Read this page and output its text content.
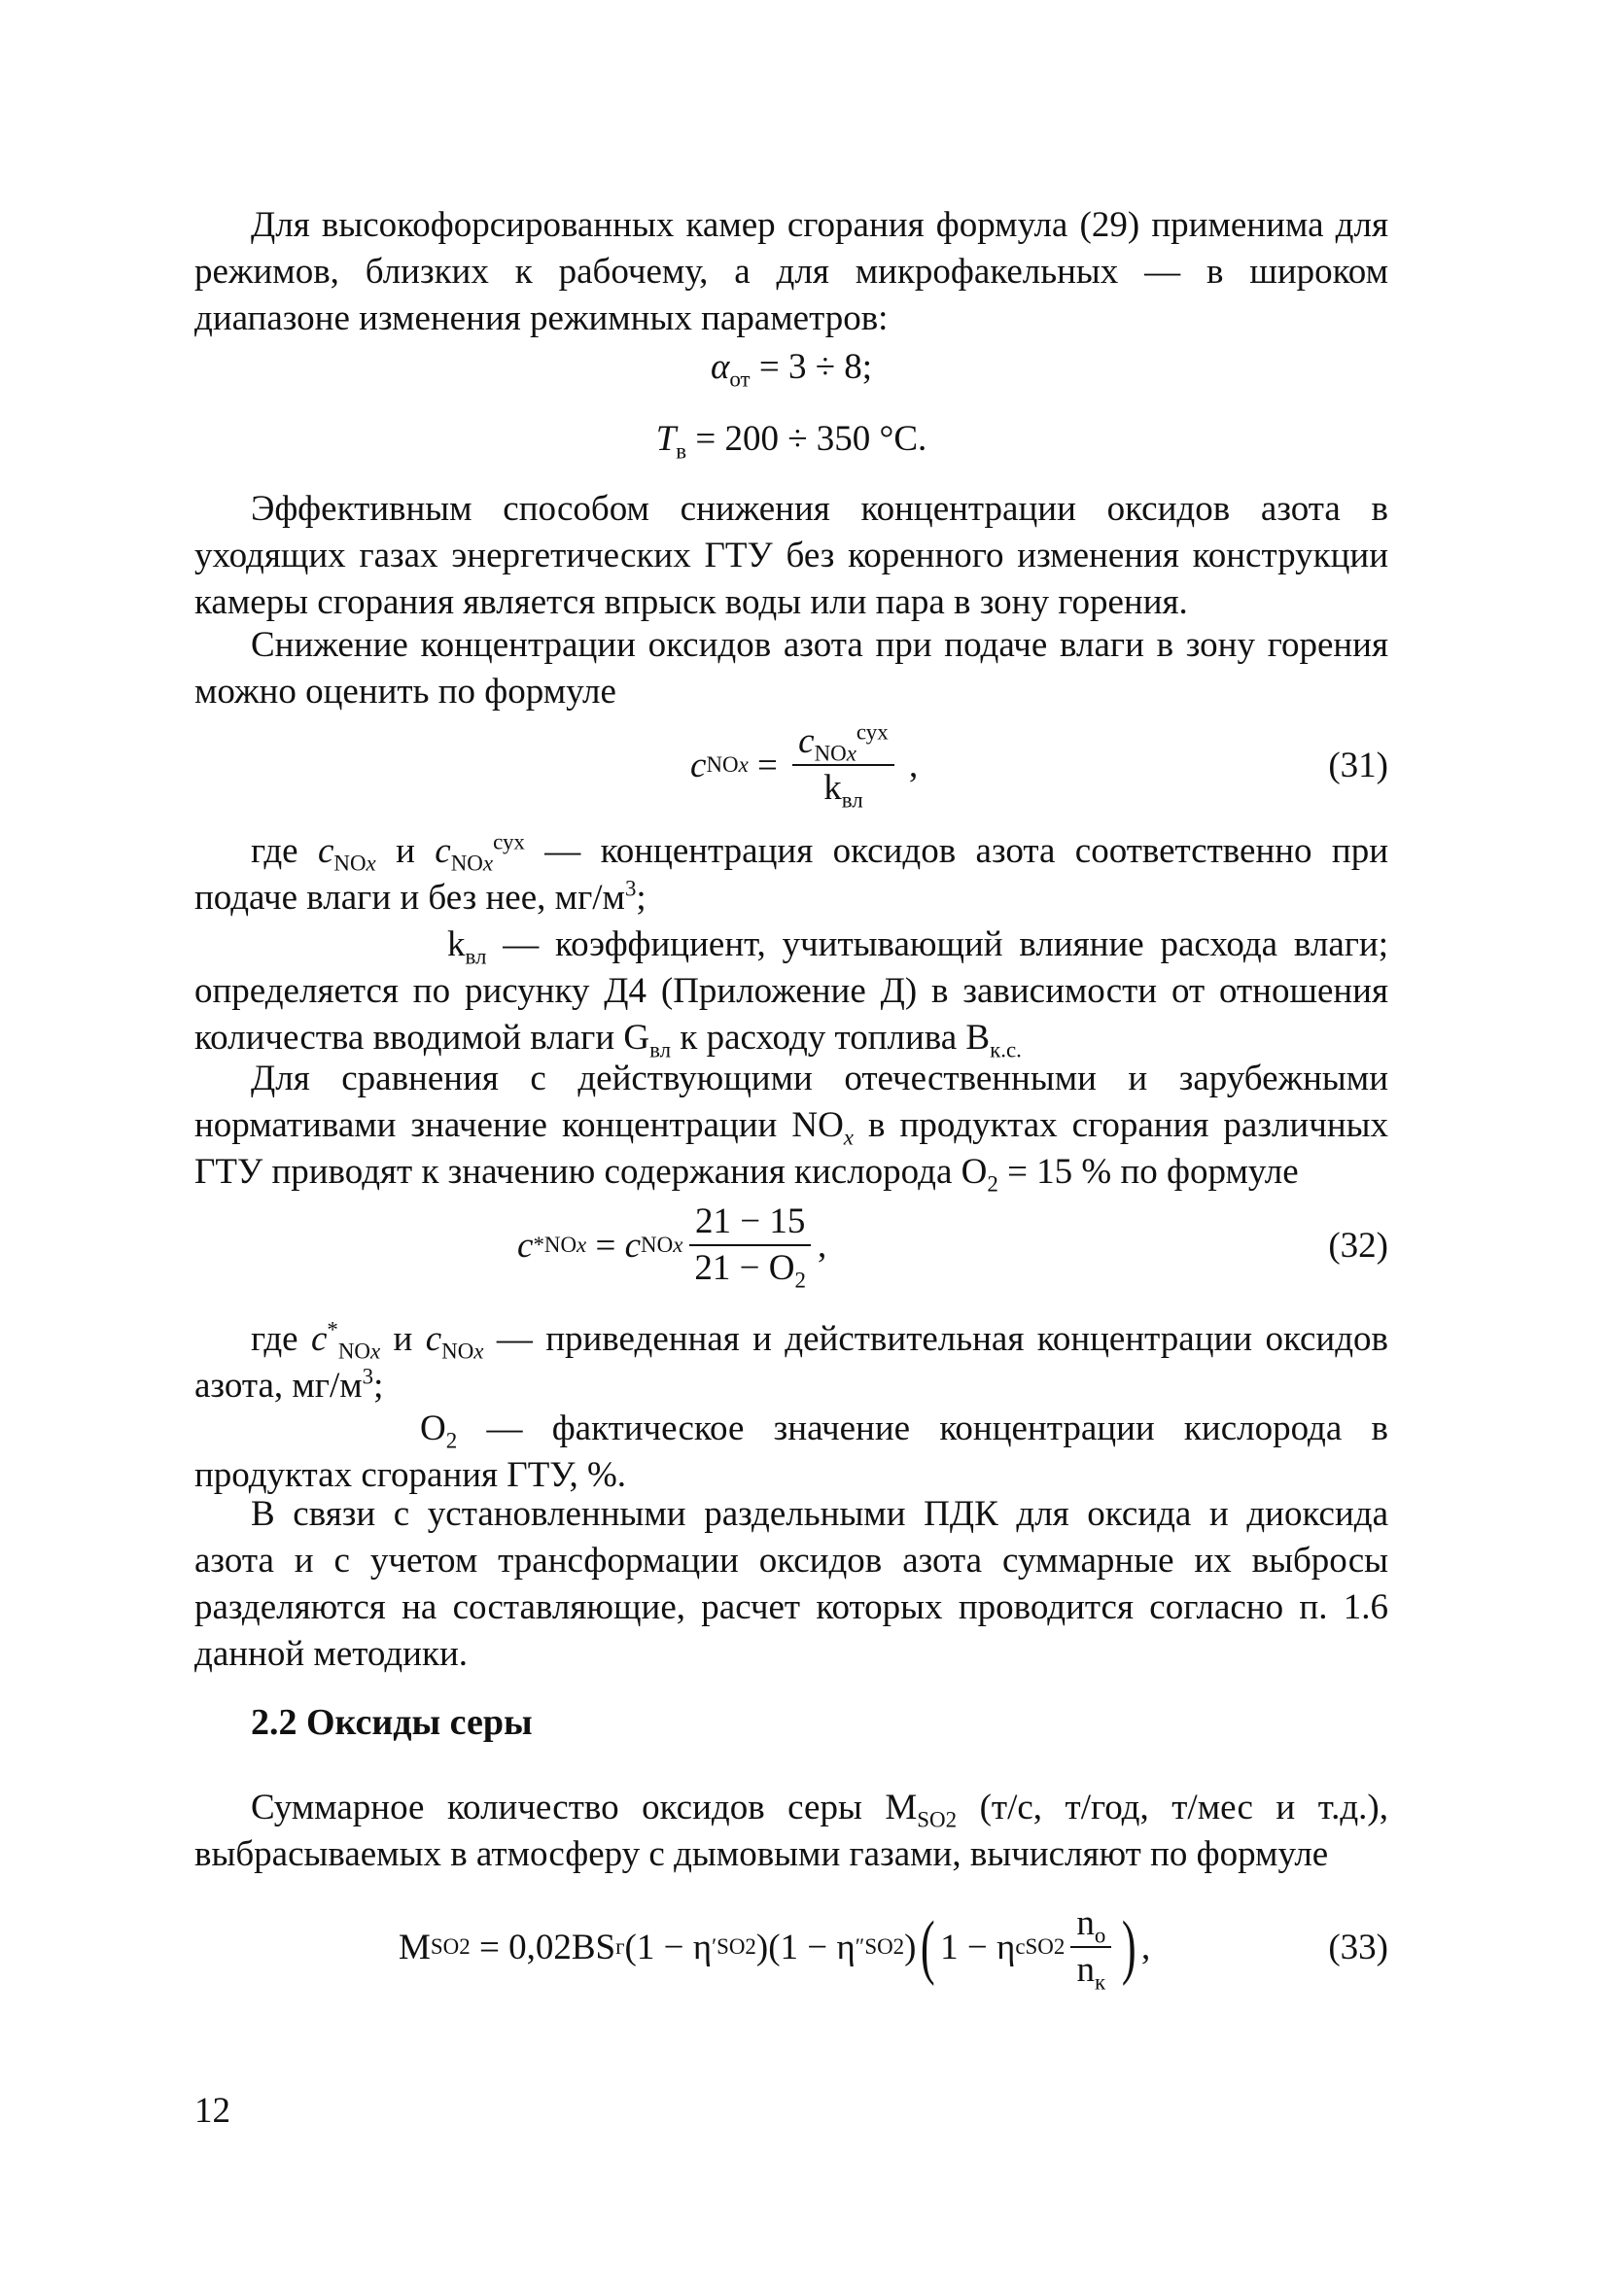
Для высокофорсированных камер сгорания формула (29) применима для режимов, близких к рабочему, а для микрофакельных — в широком диапазоне изменения режимных параметров:

$\alpha_{от} = 3 \div 8$;
$T_в = 200 \div 350$ °C.

Эффективным способом снижения концентрации оксидов азота в уходящих газах энергетических ГТУ без коренного изменения конструкции камеры сгорания является впрыск воды или пара в зону горения.

Снижение концентрации оксидов азота при подаче влаги в зону горения можно оценить по формуле

c NOx = $\frac{c_{NOx}^{сух}}{k_{вл}}$
,	(31)

где $c_{NOx}$ и $c_{NOx}^{сух}$ — концентрация оксидов азота соответственно при подаче влаги и без нее, $мг/м^3$;

$k_{вл}$ — коэффициент, учитывающий влияние расхода влаги; определяется по рисунку Д4 (Приложение Д) в зависимости от отношения количества вводимой влаги $G_{вл}$ к расходу топлива $B_{к.с.}$

Для сравнения с действующими отечественными и зарубежными нормативами значение концентрации $NO_x$ в продуктах сгорания различных ГТУ приводят к значению содержания кислорода $O_2 = 15$ % по формуле

c * NOx = c NOx $\frac{21 - 15}{21 - O_2}$ ,	(32)

где $c^*_{NOx}$ и $c_{NOx}$ — приведенная и действительная концентрации оксидов азота, $мг/м^3$;

$O_2$ — фактическое значение концентрации кислорода в продуктах сгорания ГТУ, %.

В связи с установленными раздельными ПДК для оксида и диоксида азота и с учетом трансформации оксидов азота суммарные их выбросы разделяются на составляющие, расчет которых проводится согласно п. 1.6 данной методики.

2.2 Оксиды серы

Суммарное количество оксидов серы $M_{SO2}$ (т/с, т/год, т/мес и т.д.), выбрасываемых в атмосферу с дымовыми газами, вычисляют по формуле

M SO2
= 0,02BS г ( 1 −
η ′ SO2 )( 1 −
η ″ SO2 ) ( 1 −
η с $SO2 \frac{n_о}{n_к}$ ) ,	(33)
12
